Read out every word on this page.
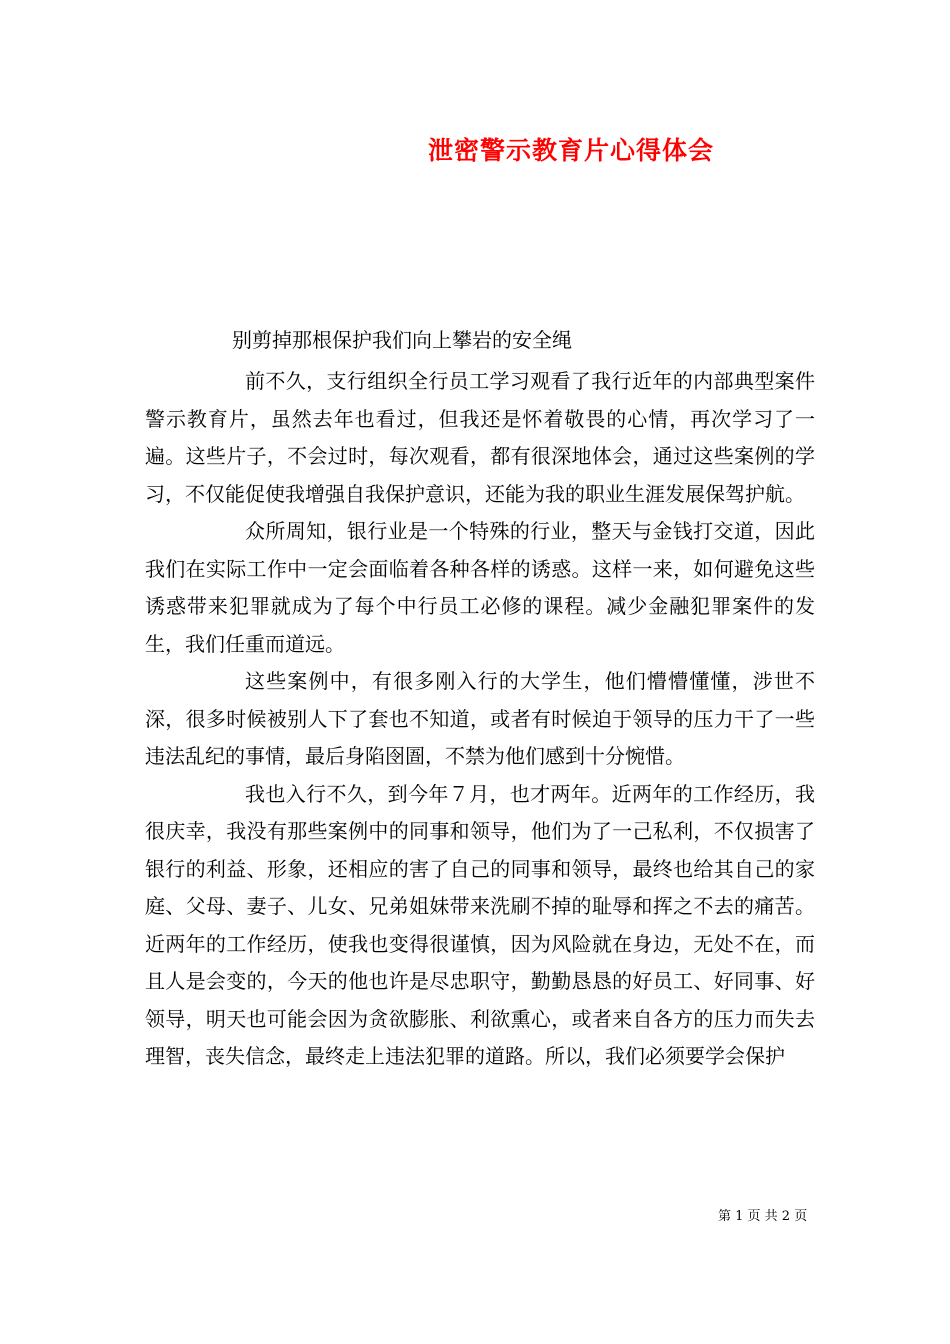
泄密警示教育片心得体会
别剪掉那根保护我们向上攀岩的安全绳

前不久，支行组织全行员工学习观看了我行近年的内部典型案件警示教育片，虽然去年也看过，但我还是怀着敬畏的心情，再次学习了一遍。这些片子，不会过时，每次观看，都有很深地体会，通过这些案例的学习，不仅能促使我增强自我保护意识，还能为我的职业生涯发展保驾护航。

众所周知，银行业是一个特殊的行业，整天与金钱打交道，因此我们在实际工作中一定会面临着各种各样的诱惑。这样一来，如何避免这些诱惑带来犯罪就成为了每个中行员工必修的课程。减少金融犯罪案件的发生，我们任重而道远。

这些案例中，有很多刚入行的大学生，他们懵懵懂懂，涉世不深，很多时候被别人下了套也不知道，或者有时候迫于领导的压力干了一些违法乱纪的事情，最后身陷囹圄，不禁为他们感到十分惋惜。

我也入行不久，到今年７月，也才两年。近两年的工作经历，我很庆幸，我没有那些案例中的同事和领导，他们为了一己私利，不仅损害了银行的利益、形象，还相应的害了自己的同事和领导，最终也给其自己的家庭、父母、妻子、儿女、兄弟姐妹带来洗刷不掉的耻辱和挥之不去的痛苦。近两年的工作经历，使我也变得很谨慎，因为风险就在身边，无处不在，而且人是会变的，今天的他也许是尽忠职守，勤勤恳恳的好员工、好同事、好领导，明天也可能会因为贪欲膨胀、利欲熏心，或者来自各方的压力而失去理智，丧失信念，最终走上违法犯罪的道路。所以，我们必须要学会保护

第 1 页 共 2 页
